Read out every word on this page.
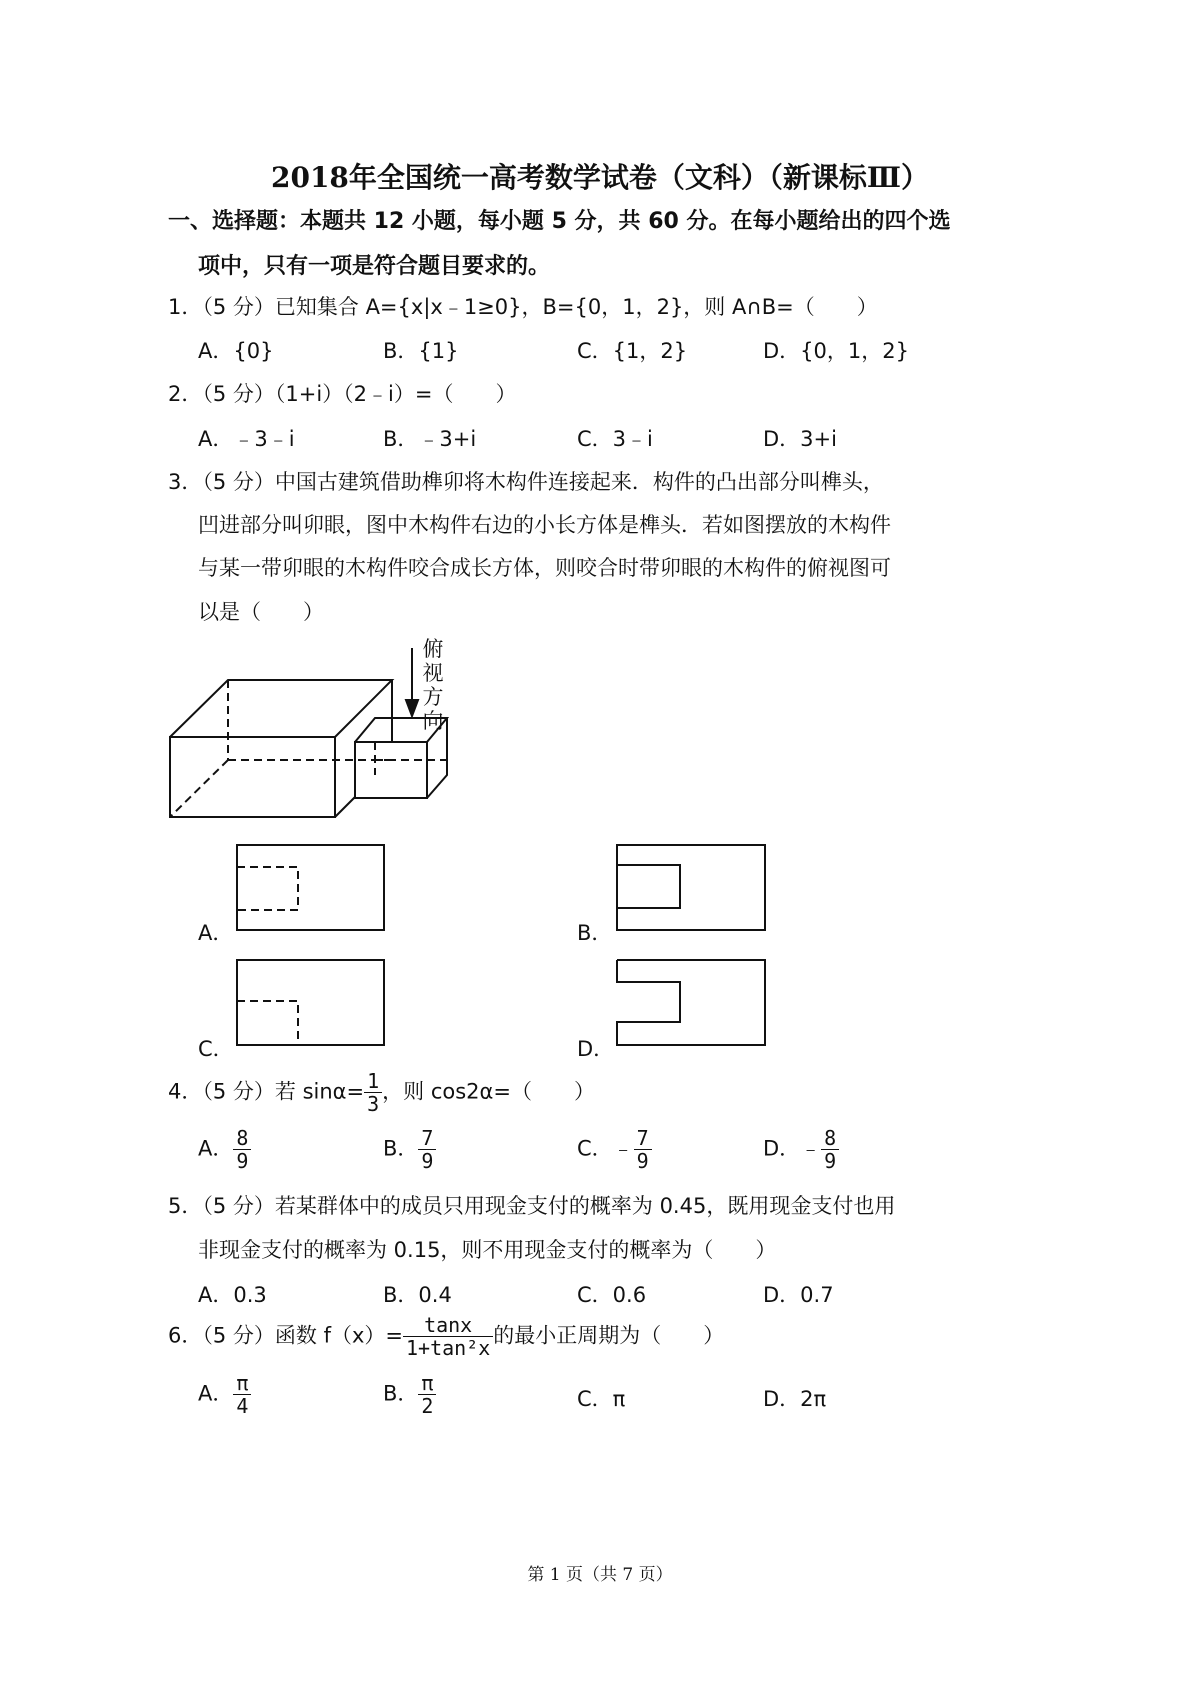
2018年全国统一高考数学试卷（文科）（新课标Ⅲ）
一、选择题：本题共 12 小题，每小题 5 分，共 60 分。在每小题给出的四个选
项中，只有一项是符合题目要求的。
1．（5 分）已知集合 A={x|x﹣1≥0}，B={0，1，2}，则 A∩B=（　　）
A．{0}	B．{1}	C．{1，2}	D．{0，1，2}
2．（5 分）（1+i）（2﹣i）=（　　）
A．﹣3﹣i	B．﹣3+i	C．3﹣i	D．3+i
3．（5 分）中国古建筑借助榫卯将木构件连接起来．构件的凸出部分叫榫头，
凹进部分叫卯眼，图中木构件右边的小长方体是榫头．若如图摆放的木构件
与某一带卯眼的木构件咬合成长方体，则咬合时带卯眼的木构件的俯视图可
以是（　　）
俯
视
方
向
A．	B．
C．	D．
4．（5 分）若 $\sin\alpha= \frac{1}{3}$ ，则 cos2α=（　　）
A． $\frac{8}{9}$	B． $\frac{7}{9}$	C．﹣ $\frac{7}{9}$	D．﹣ $\frac{8}{9}$
5．（5 分）若某群体中的成员只用现金支付的概率为 0.45，既用现金支付也用
非现金支付的概率为 0.15，则不用现金支付的概率为（　　）
A．0.3	B．0.4	C．0.6	D．0.7
6．（5 分）函数 $f(x)= \frac{\tan x}{\text{1+tan²x}}$ 的最小正周期为（　　）
A． $\frac{\pi}{4}$	B． $\frac{\pi}{2}$	C．π	D．2π
第 1 页（共 7 页）
